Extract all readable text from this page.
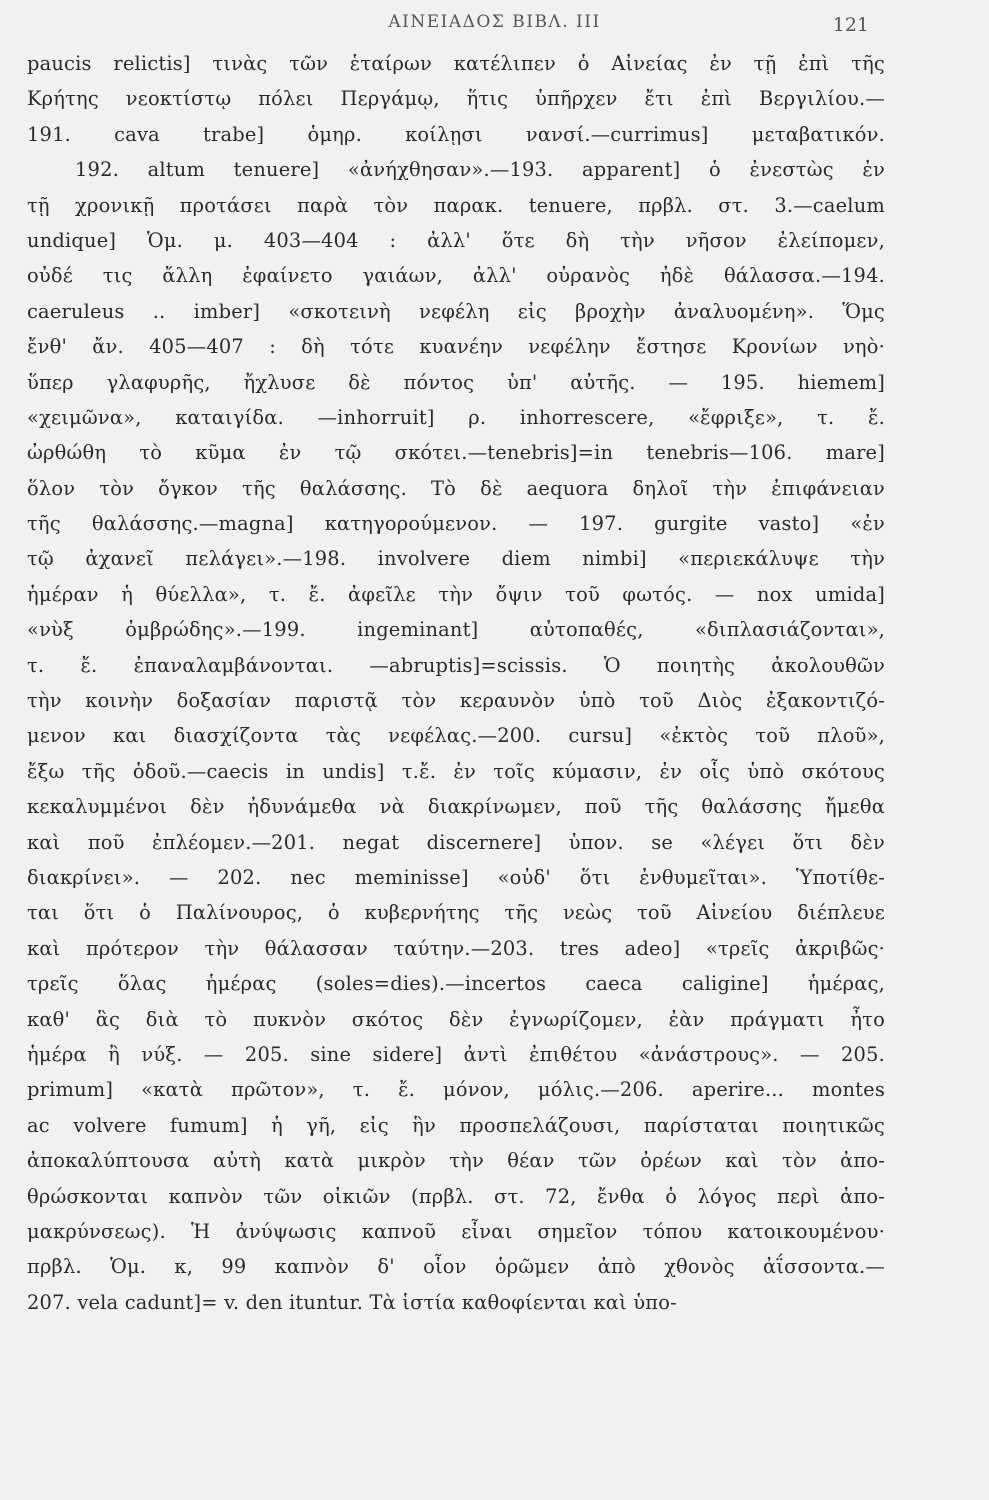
ΑΙΝΕΙΑΔΟΣ ΒΙΒΛ. III	121
paucis relictis] τινὰς τῶν ἑταίρων κατέλιπεν ὁ Αἰνείας ἐν τῇ ἐπὶ τῆς
Κρήτης νεοκτίστῳ πόλει Περγάμῳ, ἥτις ὑπῆρχεν ἔτι ἐπὶ Βεργιλίου.—
191. cava trabe] ὁμηρ. κοίλῃσι νανσί.—currimus] μεταβατικόν.
192. altum tenuere] «ἀνήχθησαν».—193. apparent] ὁ ἐνεστὼς ἐν
τῇ χρονικῇ προτάσει παρὰ τὸν παρακ. tenuere, πρβλ. στ. 3.—caelum
undique] Ὁμ. μ. 403—404 : ἀλλ' ὅτε δὴ τὴν νῆσον ἐλείπομεν,
οὐδέ τις ἄλλη ἐφαίνετο γαιάων, ἀλλ' οὐρανὸς ἠδὲ θάλασσα.—194.
caeruleus .. imber] «σκοτεινὴ νεφέλη εἰς βροχὴν ἀναλυομένη». Ὅμς
ἔνθ' ἄν. 405—407 : δὴ τότε κυανέην νεφέλην ἔστησε Κρονίων νηὸ·
ὕπερ γλαφυρῆς, ἤχλυσε δὲ πόντος ὑπ' αὐτῆς. — 195. hiemem]
«χειμῶνα», καταιγίδα. —inhorruit] ρ. inhorrescere, «ἔφριξε», τ. ἔ.
ὠρθώθη τὸ κῦμα ἐν τῷ σκότει.—tenebris]=in tenebris—106. mare]
ὅλον τὸν ὄγκον τῆς θαλάσσης. Τὸ δὲ aequora δηλοῖ τὴν ἐπιφάνειαν
τῆς θαλάσσης.—magna] κατηγορούμενον. — 197. gurgite vasto] «ἐν
τῷ ἀχανεῖ πελάγει».—198. involvere diem nimbi] «περιεκάλυψε τὴν
ἡμέραν ἡ θύελλα», τ. ἔ. ἀφεῖλε τὴν ὄψιν τοῦ φωτός. — nox umida]
«νὺξ ὀμβρώδης».—199. ingeminant] αὐτοπαθές, «διπλασιάζονται»,
τ. ἔ. ἐπαναλαμβάνονται. —abruptis]=scissis. Ὁ ποιητὴς ἀκολουθῶν
τὴν κοινὴν δοξασίαν παριστᾷ τὸν κεραυνὸν ὑπὸ τοῦ Διὸς ἐξακοντιζό-
μενον και διασχίζοντα τὰς νεφέλας.—200. cursu] «ἐκτὸς τοῦ πλοῦ»,
ἔξω τῆς ὁδοῦ.—caecis in undis] τ.ἔ. ἐν τοῖς κύμασιν, ἐν οἷς ὑπὸ σκότους
κεκαλυμμένοι δὲν ἠδυνάμεθα νὰ διακρίνωμεν, ποῦ τῆς θαλάσσης ἤμεθα
καὶ ποῦ ἐπλέομεν.—201. negat discernere] ὑπον. se «λέγει ὅτι δὲν
διακρίνει». — 202. nec meminisse] «οὐδ' ὅτι ἐνθυμεῖται». Ὑποτίθε-
ται ὅτι ὁ Παλίνουρος, ὁ κυβερνήτης τῆς νεὼς τοῦ Αἰνείου διέπλευε
καὶ πρότερον τὴν θάλασσαν ταύτην.—203. tres adeo] «τρεῖς ἀκριβῶς·
τρεῖς ὅλας ἡμέρας (soles=dies).—incertos caeca caligine] ἡμέρας,
καθ' ἃς διὰ τὸ πυκνὸν σκότος δὲν ἐγνωρίζομεν, ἐὰν πράγματι ἦτο
ἡμέρα ἢ νύξ. — 205. sine sidere] ἀντὶ ἐπιθέτου «ἀνάστρους». — 205.
primum] «κατὰ πρῶτον», τ. ἔ. μόνον, μόλις.—206. aperire... montes
ac volvere fumum] ἡ γῆ, εἰς ἣν προσπελάζουσι, παρίσταται ποιητικῶς
ἀποκαλύπτουσα αὐτὴ κατὰ μικρὸν τὴν θέαν τῶν ὀρέων καὶ τὸν ἀπο-
θρώσκονται καπνὸν τῶν οἰκιῶν (πρβλ. στ. 72, ἔνθα ὁ λόγος περὶ ἀπο-
μακρύνσεως). Ἡ ἀνύψωσις καπνοῦ εἶναι σημεῖον τόπου κατοικουμένου·
πρβλ. Ὁμ. κ, 99 καπνὸν δ' οἷον ὁρῶμεν ἀπὸ χθονὸς ἀΐσσοντα.—
207. vela cadunt]= v. den ituntur. Τὰ ἱστία καθοφίενται καὶ ὑπο-
